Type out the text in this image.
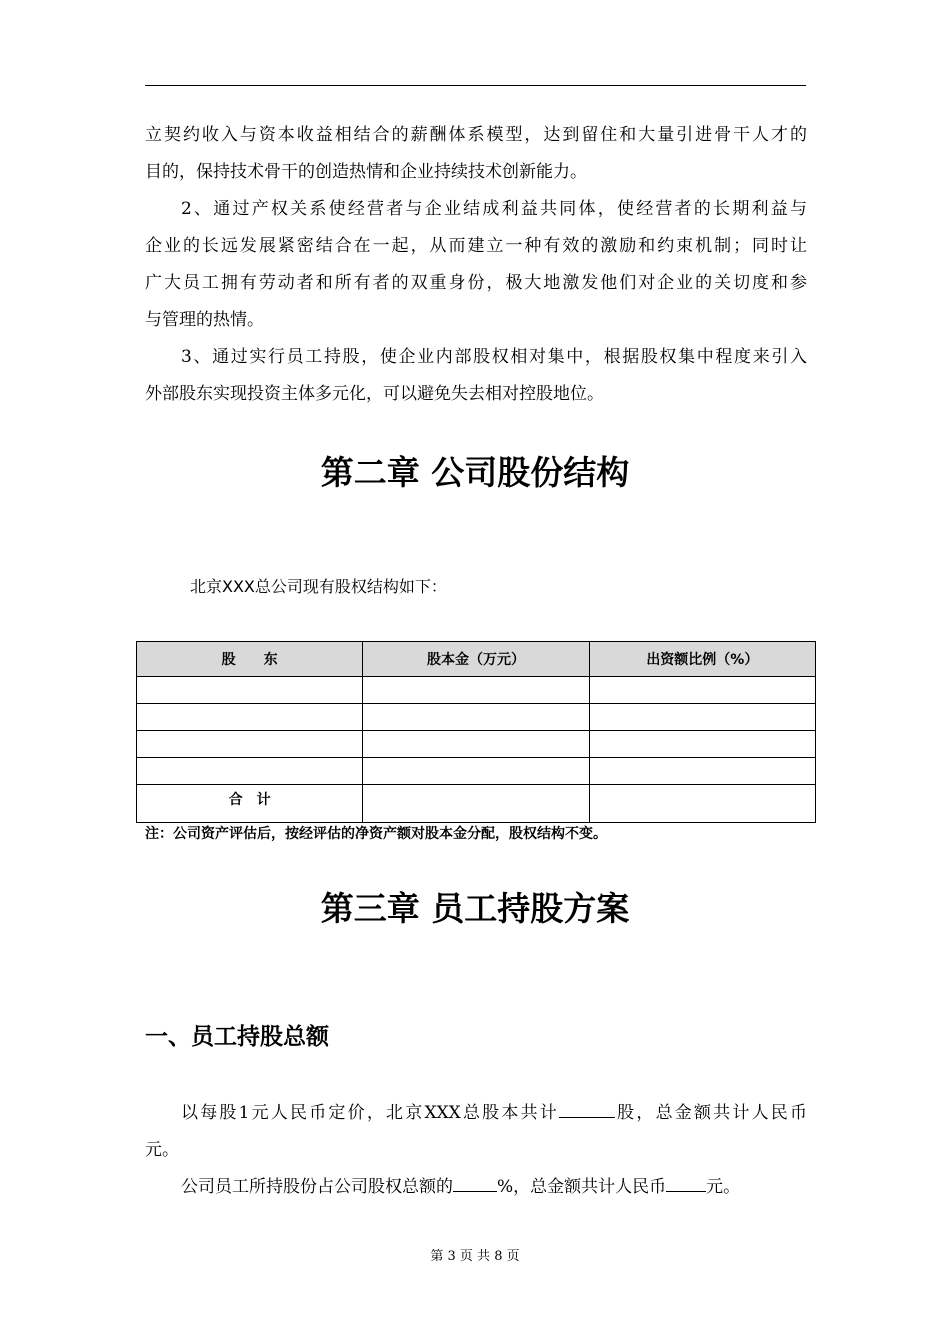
立契约收入与资本收益相结合的薪酬体系模型，达到留住和大量引进骨干人才的
目的，保持技术骨干的创造热情和企业持续技术创新能力。
2、通过产权关系使经营者与企业结成利益共同体，使经营者的长期利益与
企业的长远发展紧密结合在一起，从而建立一种有效的激励和约束机制；同时让
广大员工拥有劳动者和所有者的双重身份，极大地激发他们对企业的关切度和参
与管理的热情。
3、通过实行员工持股，使企业内部股权相对集中，根据股权集中程度来引入
外部股东实现投资主体多元化，可以避免失去相对控股地位。
第二章 公司股份结构

北京XXX总公司现有股权结构如下：

股　　东	股本金（万元）	出资额比例（%）

合　计		

注：公司资产评估后，按经评估的净资产额对股本金分配，股权结构不变。

第三章 员工持股方案
一、员工持股总额
以每股1元人民币定价，北京XXX总股本共计	股，总金额共计人民币
元。
公司员工所持股份占公司股权总额的	%，总金额共计人民币 元。

第 3 页 共 8 页
